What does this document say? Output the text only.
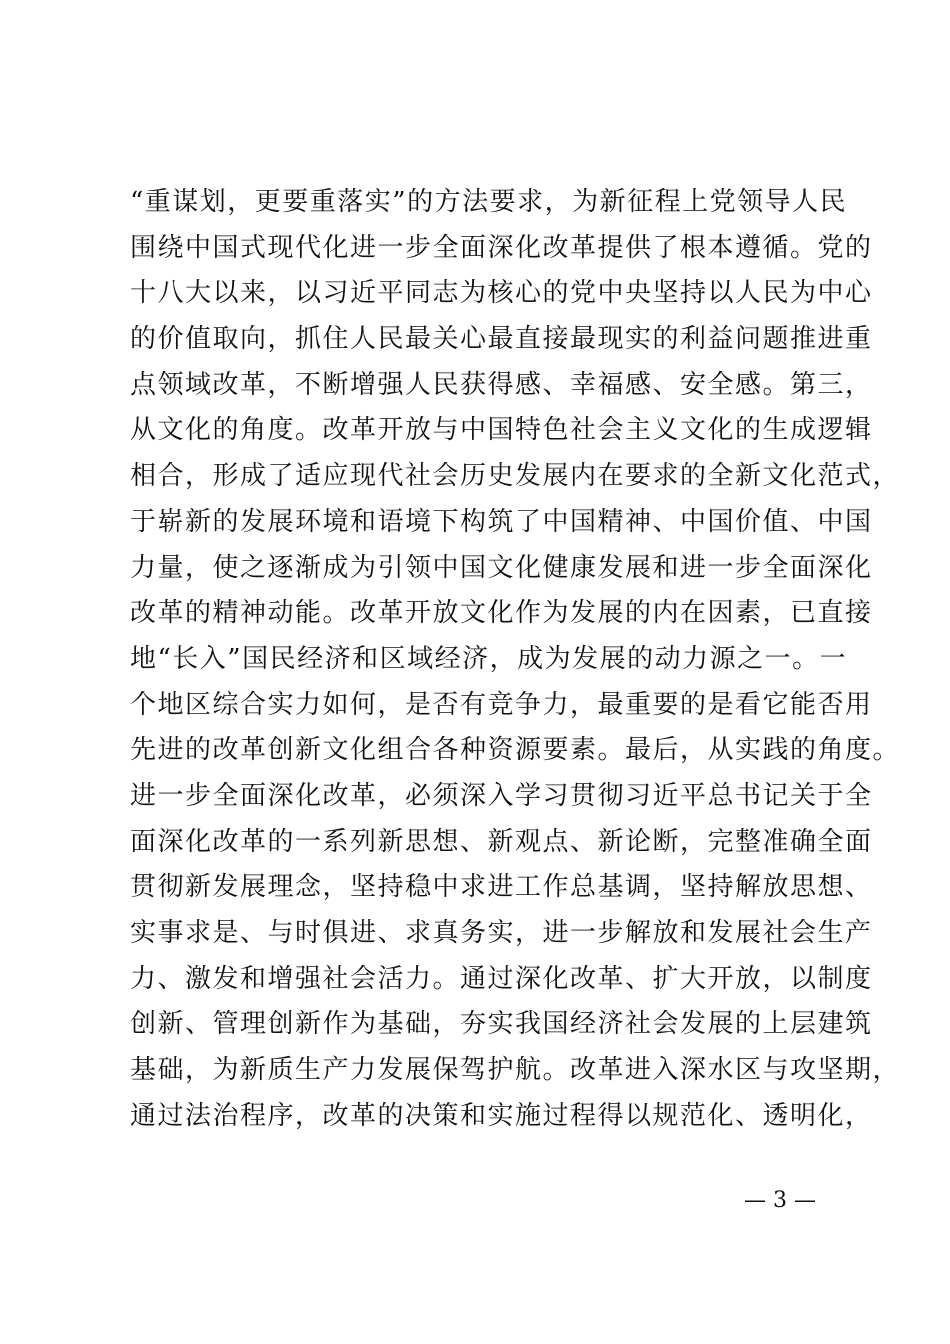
“重谋划，更要重落实”的方法要求，为新征程上党领导人民
围绕中国式现代化进一步全面深化改革提供了根本遵循。党的
十八大以来，以习近平同志为核心的党中央坚持以人民为中心
的价值取向，抓住人民最关心最直接最现实的利益问题推进重
点领域改革，不断增强人民获得感、幸福感、安全感。第三，
从文化的角度。改革开放与中国特色社会主义文化的生成逻辑
相合，形成了适应现代社会历史发展内在要求的全新文化范式，
于崭新的发展环境和语境下构筑了中国精神、中国价值、中国
力量，使之逐渐成为引领中国文化健康发展和进一步全面深化
改革的精神动能。改革开放文化作为发展的内在因素，已直接
地“长入”国民经济和区域经济，成为发展的动力源之一。一
个地区综合实力如何，是否有竞争力，最重要的是看它能否用
先进的改革创新文化组合各种资源要素。最后，从实践的角度。
进一步全面深化改革，必须深入学习贯彻习近平总书记关于全
面深化改革的一系列新思想、新观点、新论断，完整准确全面
贯彻新发展理念，坚持稳中求进工作总基调，坚持解放思想、
实事求是、与时俱进、求真务实，进一步解放和发展社会生产
力、激发和增强社会活力。通过深化改革、扩大开放，以制度
创新、管理创新作为基础，夯实我国经济社会发展的上层建筑
基础，为新质生产力发展保驾护航。改革进入深水区与攻坚期，
通过法治程序，改革的决策和实施过程得以规范化、透明化，
— 3 —
